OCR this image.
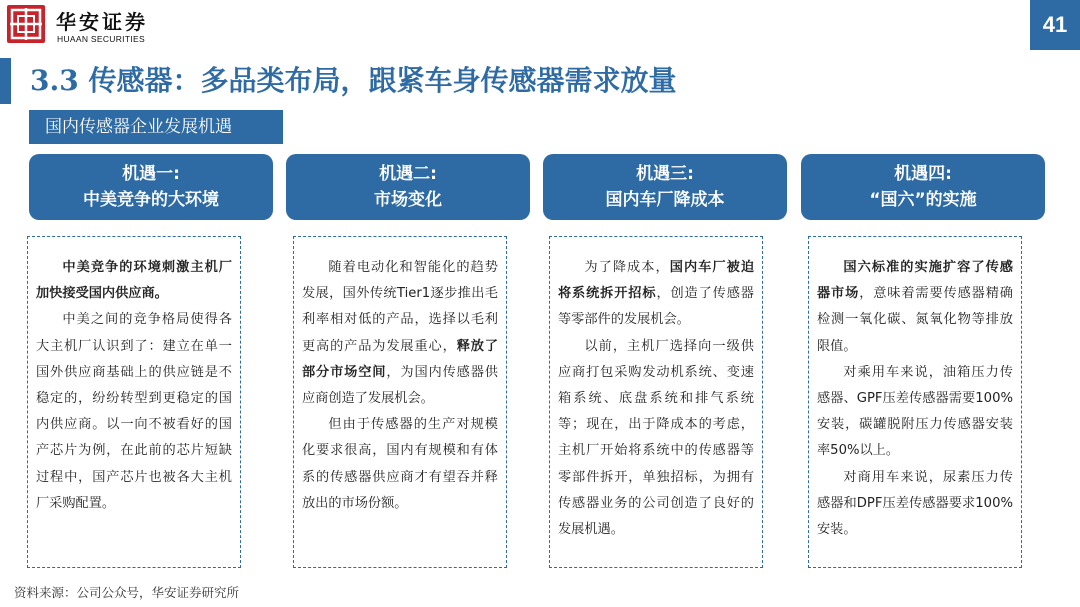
华安证券
HUAAN SECURITIES
41
3.3 传感器：多品类布局，跟紧车身传感器需求放量
国内传感器企业发展机遇
机遇一:
中美竞争的大环境
机遇二:
市场变化
机遇三:
国内车厂降成本
机遇四:
“国六”的实施

中美竞争的环境刺激主机厂加快接受国内供应商。

中美之间的竞争格局使得各大主机厂认识到了：建立在单一国外供应商基础上的供应链是不稳定的，纷纷转型到更稳定的国内供应商。以一向不被看好的国产芯片为例，在此前的芯片短缺过程中，国产芯片也被各大主机厂采购配置。

随着电动化和智能化的趋势发展，国外传统Tier1逐步推出毛利率相对低的产品，选择以毛利更高的产品为发展重心，释放了部分市场空间，为国内传感器供应商创造了发展机会。

但由于传感器的生产对规模化要求很高，国内有规模和有体系的传感器供应商才有望吞并释放出的市场份额。

为了降成本，国内车厂被迫将系统拆开招标，创造了传感器等零部件的发展机会。

以前，主机厂选择向一级供应商打包采购发动机系统、变速箱系统、底盘系统和排气系统等；现在，出于降成本的考虑，主机厂开始将系统中的传感器等零部件拆开，单独招标，为拥有传感器业务的公司创造了良好的发展机遇。

国六标准的实施扩容了传感器市场，意味着需要传感器精确检测一氧化碳、氮氧化物等排放限值。

对乘用车来说，油箱压力传感器、GPF压差传感器需要100%安装，碳罐脱附压力传感器安装率50%以上。

对商用车来说，尿素压力传感器和DPF压差传感器要求100%安装。

资料来源：公司公众号，华安证券研究所
